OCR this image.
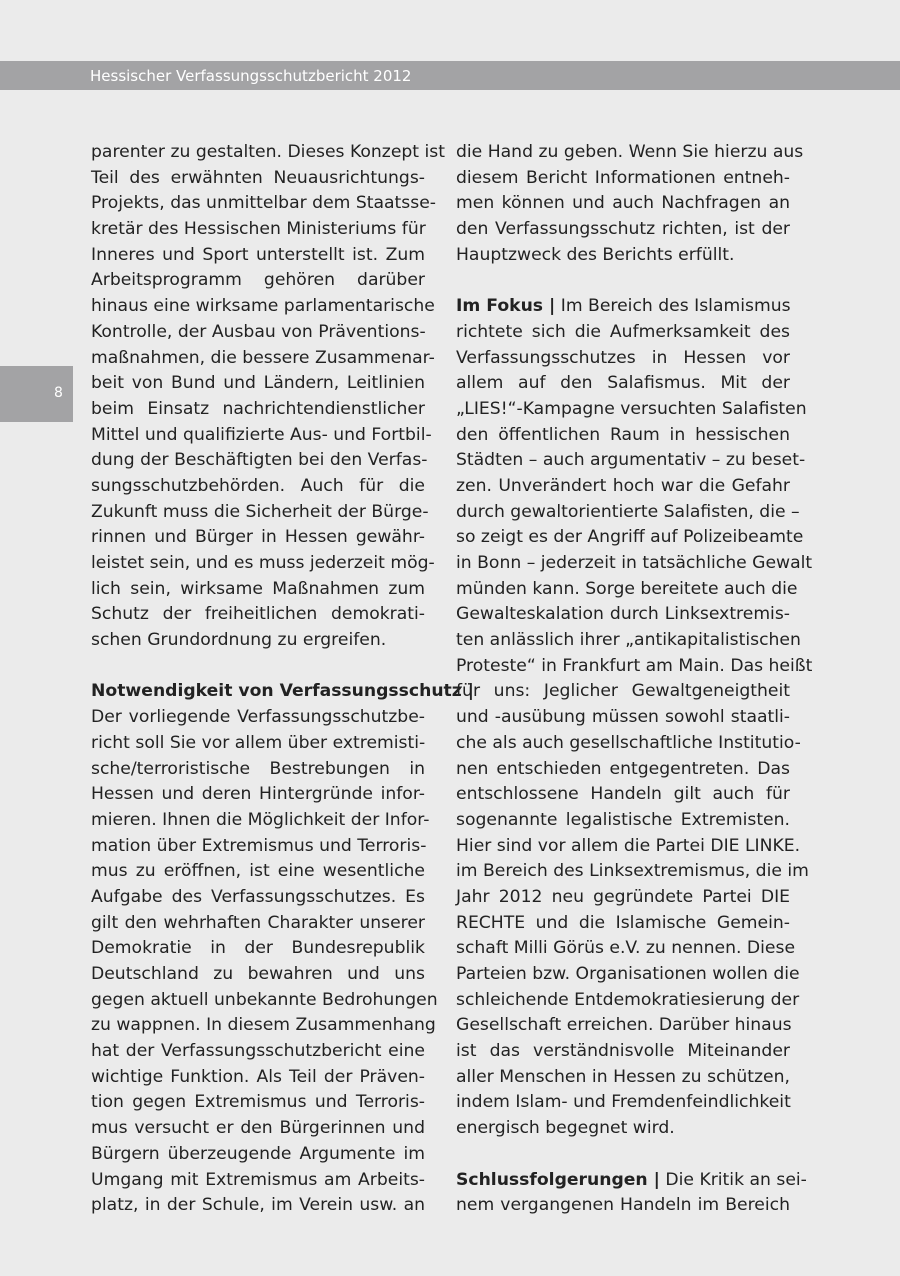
Hessischer Verfassungsschutzbericht 2012
8
parenter zu gestalten. Dieses Konzept ist
Teil des erwähnten Neuausrichtungs-
Projekts, das unmittelbar dem Staatsse-
kretär des Hessischen Ministeriums für
Inneres und Sport unterstellt ist. Zum
Arbeitsprogramm gehören darüber
hinaus eine wirksame parlamentarische
Kontrolle, der Ausbau von Präventions-
maßnahmen, die bessere Zusammenar-
beit von Bund und Ländern, Leitlinien
beim Einsatz nachrichtendienstlicher
Mittel und qualifizierte Aus- und Fortbil-
dung der Beschäftigten bei den Verfas-
sungsschutzbehörden. Auch für die
Zukunft muss die Sicherheit der Bürge-
rinnen und Bürger in Hessen gewähr-
leistet sein, und es muss jederzeit mög-
lich sein, wirksame Maßnahmen zum
Schutz der freiheitlichen demokrati-
schen Grundordnung zu ergreifen.
Notwendigkeit von Verfassungsschutz |
Der vorliegende Verfassungsschutzbe-
richt soll Sie vor allem über extremisti-
sche/terroristische Bestrebungen in
Hessen und deren Hintergründe infor-
mieren. Ihnen die Möglichkeit der Infor-
mation über Extremismus und Terroris-
mus zu eröffnen, ist eine wesentliche
Aufgabe des Verfassungsschutzes. Es
gilt den wehrhaften Charakter unserer
Demokratie in der Bundesrepublik
Deutschland zu bewahren und uns
gegen aktuell unbekannte Bedrohungen
zu wappnen. In diesem Zusammenhang
hat der Verfassungsschutzbericht eine
wichtige Funktion. Als Teil der Präven-
tion gegen Extremismus und Terroris-
mus versucht er den Bürgerinnen und
Bürgern überzeugende Argumente im
Umgang mit Extremismus am Arbeits-
platz, in der Schule, im Verein usw. an
die Hand zu geben. Wenn Sie hierzu aus
diesem Bericht Informationen entneh-
men können und auch Nachfragen an
den Verfassungsschutz richten, ist der
Hauptzweck des Berichts erfüllt.
Im Fokus | Im Bereich des Islamismus
richtete sich die Aufmerksamkeit des
Verfassungsschutzes in Hessen vor
allem auf den Salafismus. Mit der
„LIES!“-Kampagne versuchten Salafisten
den öffentlichen Raum in hessischen
Städten – auch argumentativ – zu beset-
zen. Unverändert hoch war die Gefahr
durch gewaltorientierte Salafisten, die –
so zeigt es der Angriff auf Polizeibeamte
in Bonn – jederzeit in tatsächliche Gewalt
münden kann. Sorge bereitete auch die
Gewalteskalation durch Linksextremis-
ten anlässlich ihrer „antikapitalistischen
Proteste“ in Frankfurt am Main. Das heißt
für uns: Jeglicher Gewaltgeneigtheit
und -ausübung müssen sowohl staatli-
che als auch gesellschaftliche Institutio-
nen entschieden entgegentreten. Das
entschlossene Handeln gilt auch für
sogenannte legalistische Extremisten.
Hier sind vor allem die Partei DIE LINKE.
im Bereich des Linksextremismus, die im
Jahr 2012 neu gegründete Partei DIE
RECHTE und die Islamische Gemein-
schaft Milli Görüs e.V. zu nennen. Diese
Parteien bzw. Organisationen wollen die
schleichende Entdemokratiesierung der
Gesellschaft erreichen. Darüber hinaus
ist das verständnisvolle Miteinander
aller Menschen in Hessen zu schützen,
indem Islam- und Fremdenfeindlichkeit
energisch begegnet wird.
Schlussfolgerungen | Die Kritik an sei-
nem vergangenen Handeln im Bereich
